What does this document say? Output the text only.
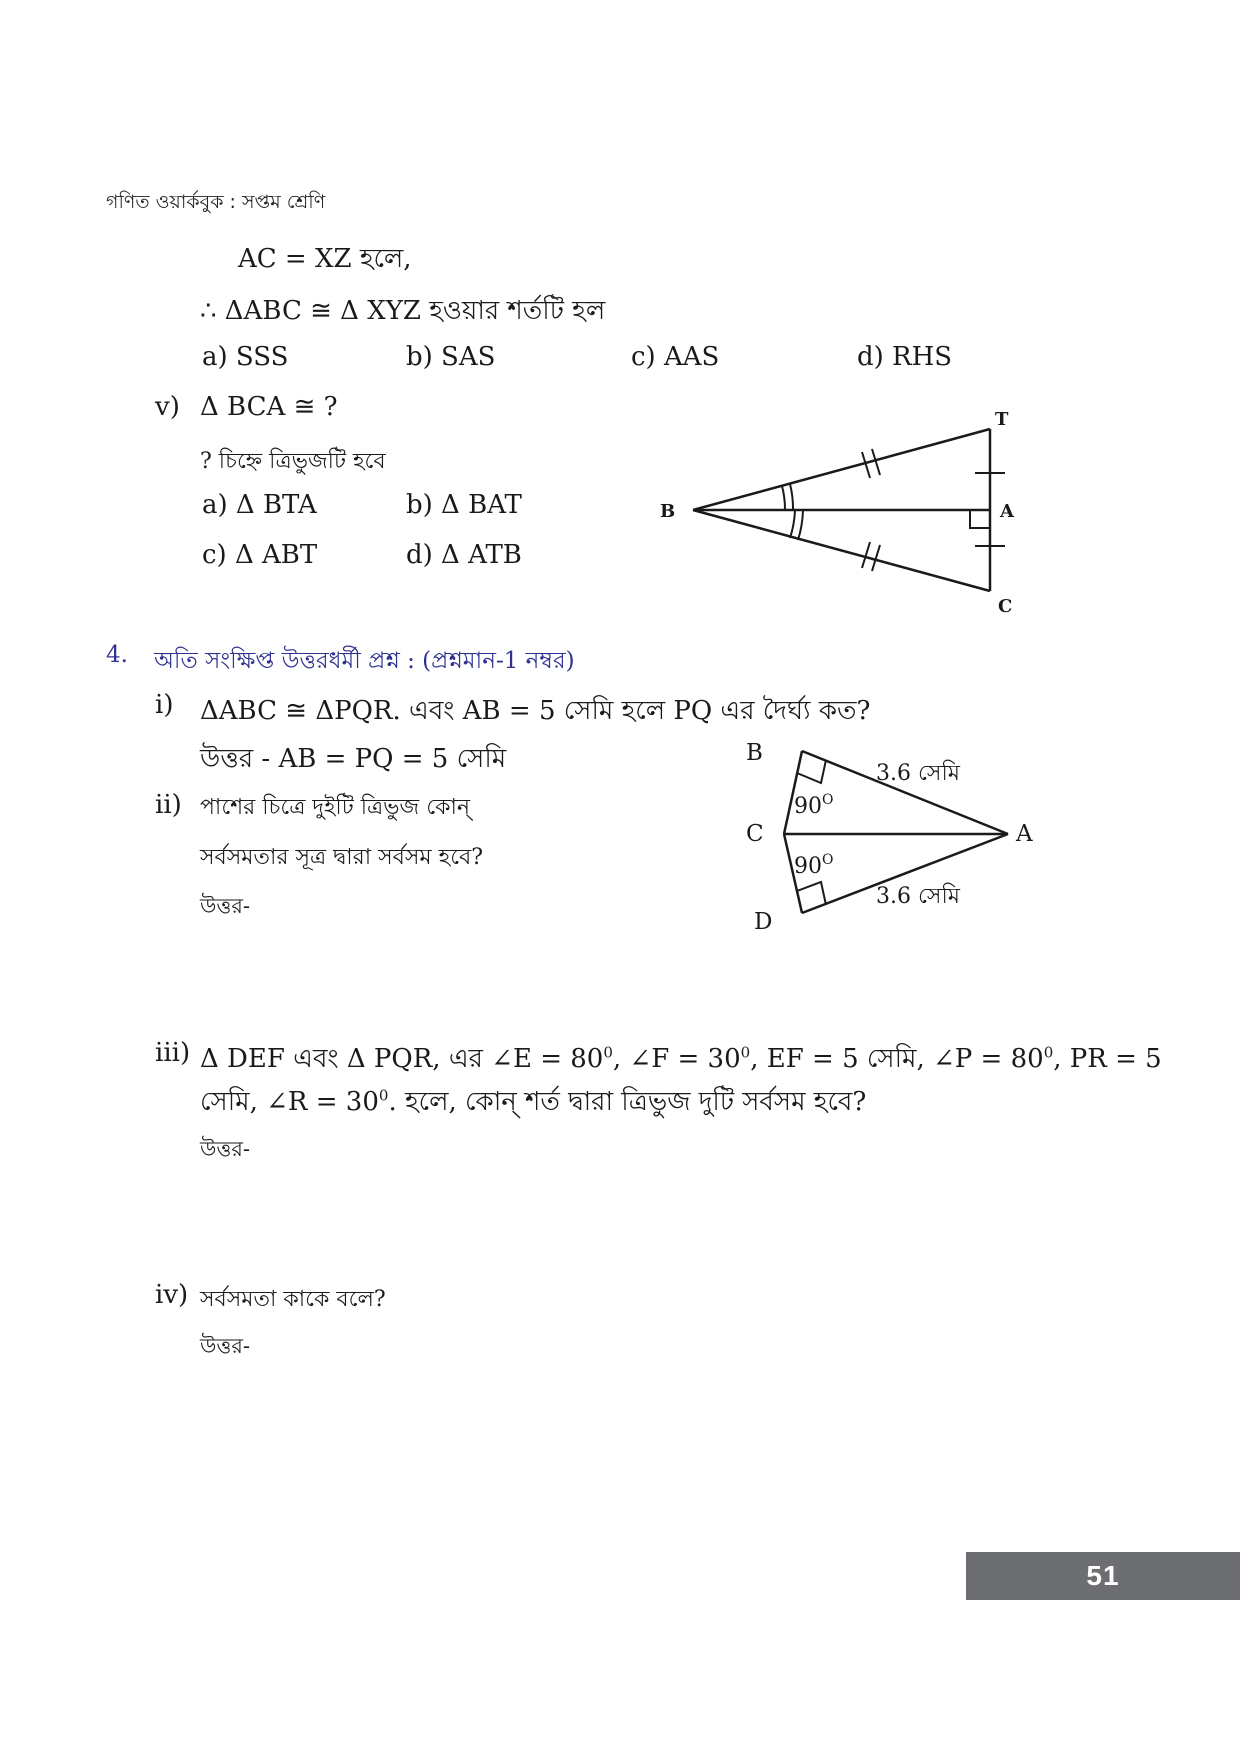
গণিত ওয়ার্কবুক : সপ্তম শ্রেণি
AC = XZ হলে,
∴ ΔABC ≅ Δ XYZ হওয়ার শর্তটি হল
a) SSS	b) SAS	c) AAS	d) RHS
v) Δ BCA ≅ ?
? চিহ্নে ত্রিভুজটি হবে
a) Δ BTA	b) Δ BAT
c) Δ ABT	d) Δ ATB
T
B	A
C
4. অতি সংক্ষিপ্ত উত্তরধর্মী প্রশ্ন : (প্রশ্নমান-1 নম্বর)
i) ΔABC ≅ ΔPQR. এবং AB = 5 সেমি হলে PQ এর দৈর্ঘ্য কত?
উত্তর - AB = PQ = 5 সেমি
ii) পাশের চিত্রে দুইটি ত্রিভুজ কোন্
সর্বসমতার সূত্র দ্বারা সর্বসম হবে?
উত্তর-
B
C	A
D
$90^O$
$90^O$
3.6 সেমি
3.6 সেমি
iii) Δ DEF এবং Δ PQR, এর ∠E = $80^0$, ∠F = $30^0$, EF = 5 সেমি, ∠P = $80^0$, PR = 5
সেমি, ∠R = $30^0$. হলে, কোন্ শর্ত দ্বারা ত্রিভুজ দুটি সর্বসম হবে?
উত্তর-
iv) সর্বসমতা কাকে বলে?
উত্তর-
51
